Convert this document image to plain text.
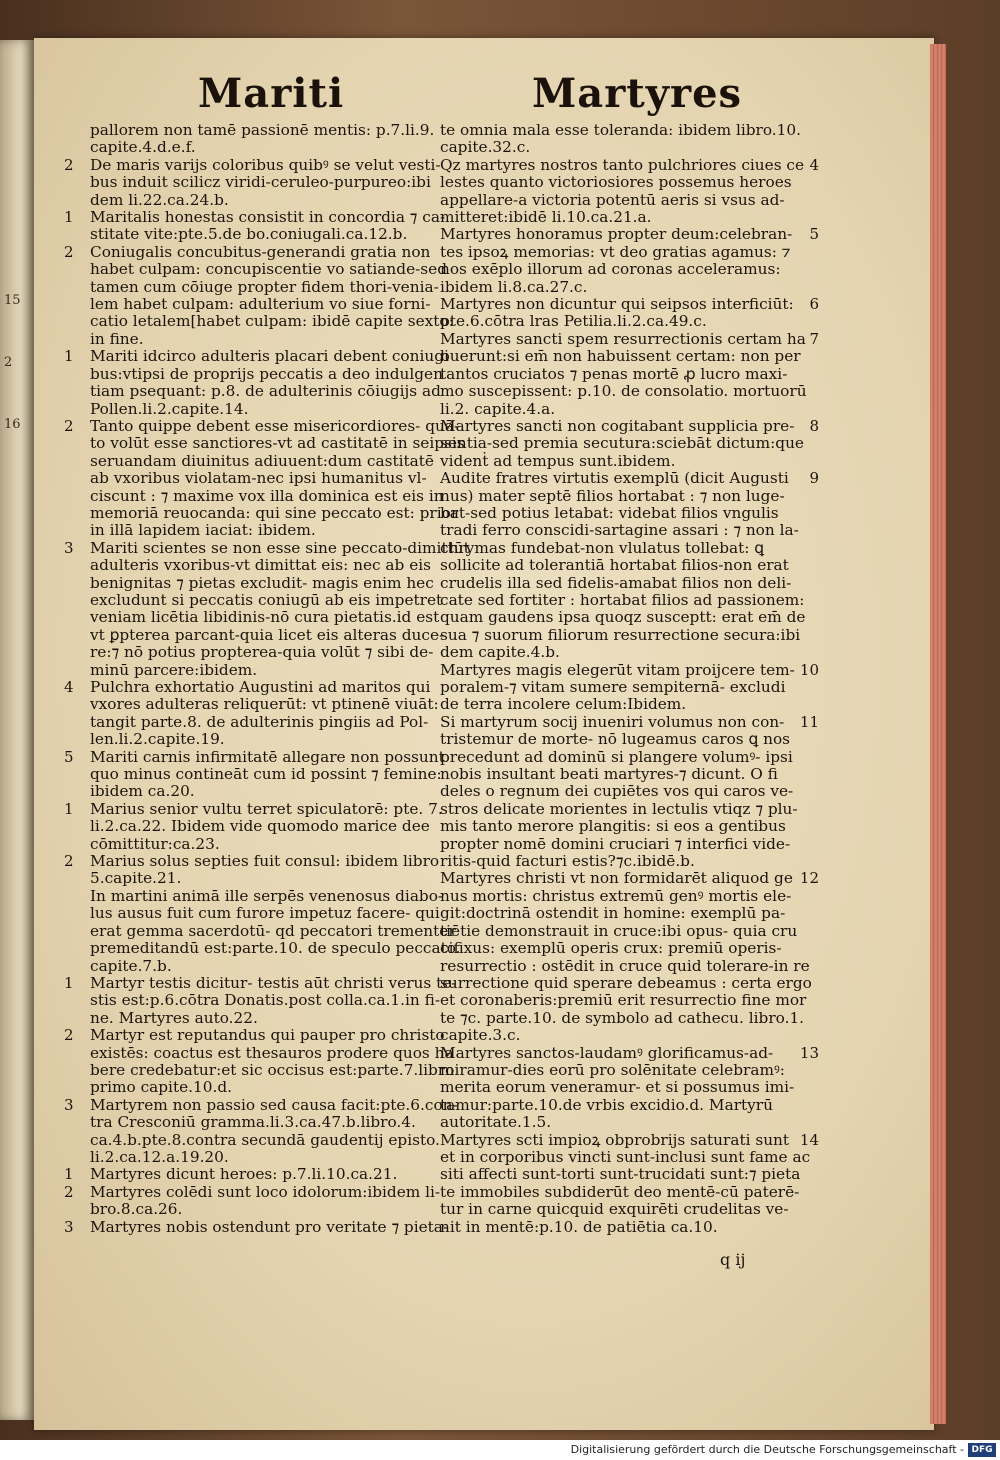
15
2
16
Mariti	Martyres
pallorem non tamē passionē mentis: p.7.li.9.
capite.4.d.e.f.
2 De maris varijs coloribus quibꝰ se velut vesti-
bus induit scilicz viridi-ceruleo-purpureo:ibi
dem li.22.ca.24.b.
1 Maritalis honestas consistit in concordia ⁊ ca-
stitate vite:pte.5.de bo.coniugali.ca.12.b.
2 Coniugalis concubitus-generandi gratia non
habet culpam: concupiscentie vo satiande-sed
tamen cum cōiuge propter fidem thori-venia-
lem habet culpam: adulterium vo siue forni-
catio letalem[habet culpam: ibidē capite sexto:
in fine.
1 Mariti idcirco adulteris placari debent coniugi
bus:vtipsi de proprijs peccatis a deo indulgen
tiam psequant: p.8. de adulterinis cōiugijs ad
Pollen.li.2.capite.14.
2 Tanto quippe debent esse misericordiores- quā-
to volūt esse sanctiores-vt ad castitatē in seipsis
seruandam diuinitus adiuuent:dum castitatē
ab vxoribus violatam-nec ipsi humanitus vl-
ciscunt : ⁊ maxime vox illa dominica est eis in
memoriā reuocanda: qui sine peccato est: prior
in illā lapidem iaciat: ibidem.
3 Mariti scientes se non esse sine peccato-dimittūt
adulteris vxoribus-vt dimittat eis: nec ab eis
benignitas ⁊ pietas excludit- magis enim hec
excludunt si peccatis coniugū ab eis impetret
veniam licētia libidinis-nō cura pietatis.id est
vt ꝑpterea parcant-quia licet eis alteras duce-
re:⁊ nō potius propterea-quia volūt ⁊ sibi de-
minū parcere:ibidem.
4 Pulchra exhortatio Augustini ad maritos qui
vxores adulteras reliquerūt: vt ptinenē viuāt:
tangit parte.8. de adulterinis pingiis ad Pol-
len.li.2.capite.19.
5 Mariti carnis infirmitatē allegare non possunt
quo minus contineāt cum id possint ⁊ femine:
ibidem ca.20.
1 Marius senior vultu terret spiculatorē: pte. 7.
li.2.ca.22. Ibidem vide quomodo marice dee
cōmittitur:ca.23.
2 Marius solus septies fuit consul: ibidem libro
5.capite.21.
In martini animā ille serpēs venenosus diabo-
lus ausus fuit cum furore impetuz facere- qui
erat gemma sacerdotū- qd peccatori trementer
premeditandū est:parte.10. de speculo peccato.
capite.7.b.
1 Martyr testis dicitur- testis aūt christi verus te-
stis est:p.6.cōtra Donatis.post colla.ca.1.in fi-
ne. Martyres auto.22.
2 Martyr est reputandus qui pauper pro christo
existēs: coactus est thesauros prodere quos ha
bere credebatur:et sic occisus est:parte.7.libro
primo capite.10.d.
3 Martyrem non passio sed causa facit:pte.6.con-
tra Cresconiū gramma.li.3.ca.47.b.libro.4.
ca.4.b.pte.8.contra secundā gaudentij episto.
li.2.ca.12.a.19.20.
1 Martyres dicunt heroes: p.7.li.10.ca.21.
2 Martyres colēdi sunt loco idolorum:ibidem li-
bro.8.ca.26.
3 Martyres nobis ostendunt pro veritate ⁊ pieta-
te omnia mala esse toleranda: ibidem libro.10.
capite.32.c.
4
Qz martyres nostros tanto pulchriores ciues ce
lestes quanto victoriosiores possemus heroes
appellare-a victoria potentū aeris si vsus ad-
mitteret:ibidē li.10.ca.21.a.
5
Martyres honoramus propter deum:celebran-
tes ipsoꝝ memorias: vt deo gratias agamus: ⁊
nos exēplo illorum ad coronas acceleramus:
ibidem li.8.ca.27.c.
6
Martyres non dicuntur qui seipsos interficiūt:
pte.6.cōtra lras Petilia.li.2.ca.49.c.
7
Martyres sancti spem resurrectionis certam ha
buerunt:si em̄ non habuissent certam: non per
tantos cruciatos ⁊ penas mortē ꝓ lucro maxi-
mo suscepissent: p.10. de consolatio. mortuorū
li.2. capite.4.a.
8
Martyres sancti non cogitabant supplicia pre-
sentia-sed premia secutura:sciebāt dictum:que
videnṫ ad tempus sunt.ibidem.
9
Audite fratres virtutis exemplū (dicit Augusti
nus) mater septē filios hortabat : ⁊ non luge-
bat-sed potius letabat: videbat filios vngulis
tradi ferro conscidi-sartagine assari : ⁊ non la-
chrymas fundebat-non vlulatus tollebat: ꝗ
sollicite ad tolerantiā hortabat filios-non erat
crudelis illa sed fidelis-amabat filios non deli-
cate sed fortiter : hortabat filios ad passionem:
quam gaudens ipsa quoqz susceptt: erat em̄ de
sua ⁊ suorum filiorum resurrectione secura:ibi
dem capite.4.b.
10
Martyres magis elegerūt vitam proijcere tem-
poralem-⁊ vitam sumere sempiternā- excludi
de terra incolere celum:Ibidem.
11
Si martyrum socij inueniri volumus non con-
tristemur de morte- nō lugeamus caros ꝗ nos
precedunt ad dominū si plangere volumꝰ- ipsi
nobis insultant beati martyres-⁊ dicunt. O fi
deles o regnum dei cupiētes vos qui caros ve-
stros delicate morientes in lectulis vtiqz ⁊ plu-
mis tanto merore plangitis: si eos a gentibus
propter nomē domini cruciari ⁊ interfici vide-
ritis-quid facturi estis?⁊c.ibidē.b.
12
Martyres christi vt non formidarēt aliquod ge
nus mortis: christus extremū genꝰ mortis ele-
git:doctrinā ostendit in homine: exemplū pa-
tiētie demonstrauit in cruce:ibi opus- quia cru
cifixus: exemplū operis crux: premiū operis-
resurrectio : ostēdit in cruce quid tolerare-in re
surrectione quid sperare debeamus : certa ergo
et coronaberis:premiū erit resurrectio fine mor
te ⁊c. parte.10. de symbolo ad cathecu. libro.1.
capite.3.c.
13
Martyres sanctos-laudamꝰ glorificamus-ad-
miramur-dies eorū pro solēnitate celebramꝰ:
merita eorum veneramur- et si possumus imi-
tamur:parte.10.de vrbis excidio.d. Martyrū
autoritate.1.5.
14
Martyres scti impioꝝ obprobrijs saturati sunt
et in corporibus vincti sunt-inclusi sunt fame ac
siti affecti sunt-torti sunt-trucidati sunt:⁊ pieta
te immobiles subdiderūt deo mentē-cū paterē-
tur in carne quicquid exquirēti crudelitas ve-
nit in mentē:p.10. de patiētia ca.10.
q ij
Digitalisierung gefördert durch die Deutsche Forschungsgemeinschaft - DFG
